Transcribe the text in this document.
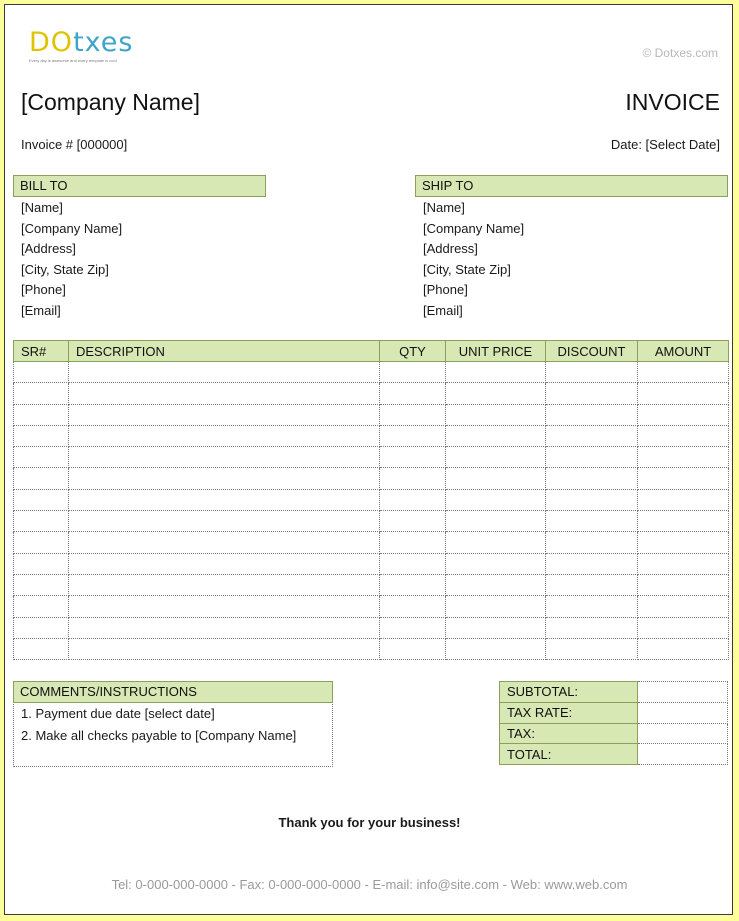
DOtxes
Every day is awesome and every template is cool
© Dotxes.com
[Company Name]	INVOICE
Invoice # [000000]	Date: [Select Date]
BILL TO
[Name]
[Company Name]
[Address]
[City, State Zip]
[Phone]
[Email]
SHIP TO
[Name]
[Company Name]
[Address]
[City, State Zip]
[Phone]
[Email]
SR#	DESCRIPTION	QTY	UNIT PRICE	DISCOUNT	AMOUNT

COMMENTS/INSTRUCTIONS
1. Payment due date [select date]
2. Make all checks payable to [Company Name]
SUBTOTAL:	
TAX RATE:	
TAX:	
TOTAL:	
Thank you for your business!
Tel: 0-000-000-0000 - Fax: 0-000-000-0000 - E-mail: info@site.com - Web: www.web.com
